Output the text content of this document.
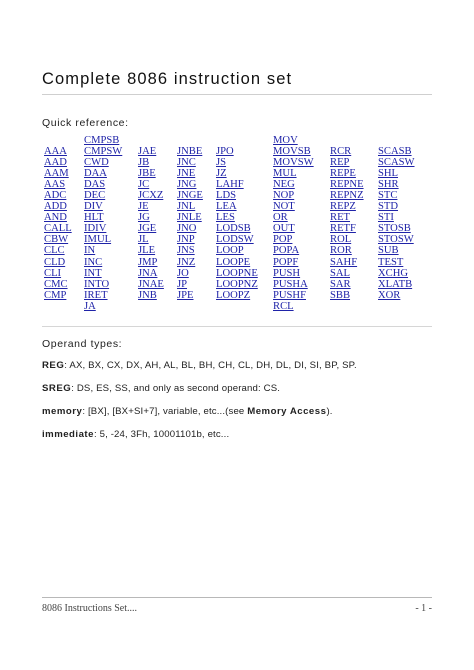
Complete 8086 instruction set
Quick reference:
AAA
AAD
AAM
AAS
ADC
ADD
AND
CALL
CBW
CLC
CLD
CLI
CMC
CMP
CMPSB
CMPSW
CWD
DAA
DAS
DEC
DIV
HLT
IDIV
IMUL
IN
INC
INT
INTO
IRET
JA
JAE
JB
JBE
JC
JCXZ
JE
JG
JGE
JL
JLE
JMP
JNA
JNAE
JNB
JNBE
JNC
JNE
JNG
JNGE
JNL
JNLE
JNO
JNP
JNS
JNZ
JO
JP
JPE
JPO
JS
JZ
LAHF
LDS
LEA
LES
LODSB
LODSW
LOOP
LOOPE
LOOPNE
LOOPNZ
LOOPZ
MOV
MOVSB
MOVSW
MUL
NEG
NOP
NOT
OR
OUT
POP
POPA
POPF
PUSH
PUSHA
PUSHF
RCL
RCR
REP
REPE
REPNE
REPNZ
REPZ
RET
RETF
ROL
ROR
SAHF
SAL
SAR
SBB
SCASB
SCASW
SHL
SHR
STC
STD
STI
STOSB
STOSW
SUB
TEST
XCHG
XLATB
XOR
Operand types:
REG: AX, BX, CX, DX, AH, AL, BL, BH, CH, CL, DH, DL, DI, SI, BP, SP.
SREG: DS, ES, SS, and only as second operand: CS.
memory: [BX], [BX+SI+7], variable, etc...(see Memory Access).
immediate: 5, -24, 3Fh, 10001101b, etc...
8086 Instructions Set....	- 1 -
